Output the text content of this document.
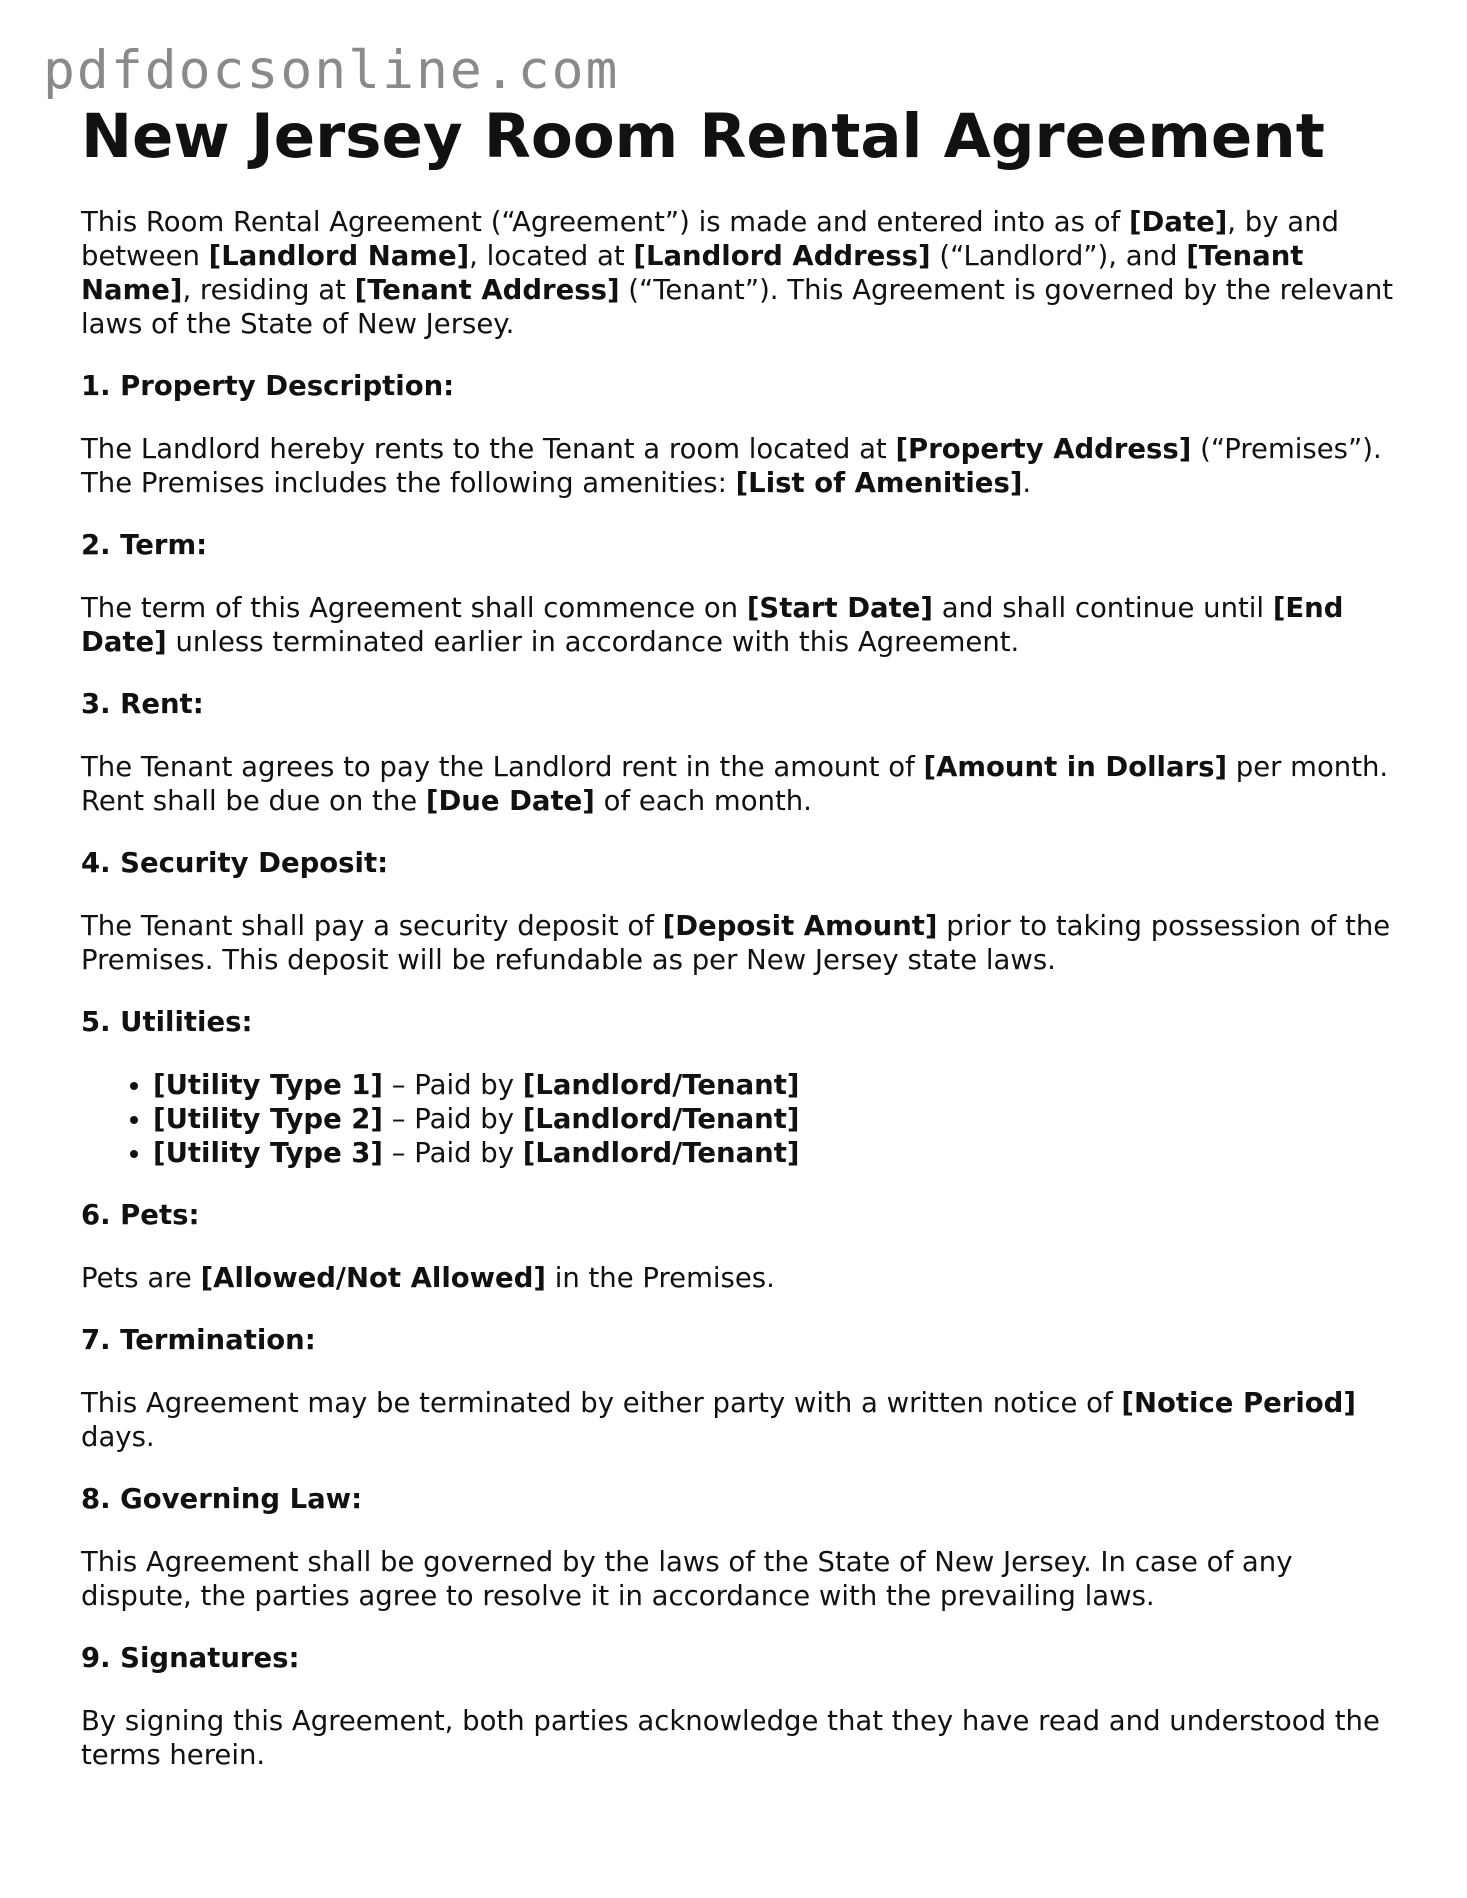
pdfdocsonline.com
New Jersey Room Rental Agreement

This Room Rental Agreement (“Agreement”) is made and entered into as of [Date], by and between [Landlord Name], located at [Landlord Address] (“Landlord”), and [Tenant Name], residing at [Tenant Address] (“Tenant”). This Agreement is governed by the relevant laws of the State of New Jersey.

1. Property Description:

The Landlord hereby rents to the Tenant a room located at [Property Address] (“Premises”). The Premises includes the following amenities: [List of Amenities].

2. Term:

The term of this Agreement shall commence on [Start Date] and shall continue until [End Date] unless terminated earlier in accordance with this Agreement.

3. Rent:

The Tenant agrees to pay the Landlord rent in the amount of [Amount in Dollars] per month. Rent shall be due on the [Due Date] of each month.

4. Security Deposit:

The Tenant shall pay a security deposit of [Deposit Amount] prior to taking possession of the Premises. This deposit will be refundable as per New Jersey state laws.

5. Utilities:
• [Utility Type 1] – Paid by [Landlord/Tenant]
• [Utility Type 2] – Paid by [Landlord/Tenant]
• [Utility Type 3] – Paid by [Landlord/Tenant]
6. Pets:

Pets are [Allowed/Not Allowed] in the Premises.

7. Termination:

This Agreement may be terminated by either party with a written notice of [Notice Period] days.

8. Governing Law:

This Agreement shall be governed by the laws of the State of New Jersey. In case of any dispute, the parties agree to resolve it in accordance with the prevailing laws.

9. Signatures:

By signing this Agreement, both parties acknowledge that they have read and understood the terms herein.
